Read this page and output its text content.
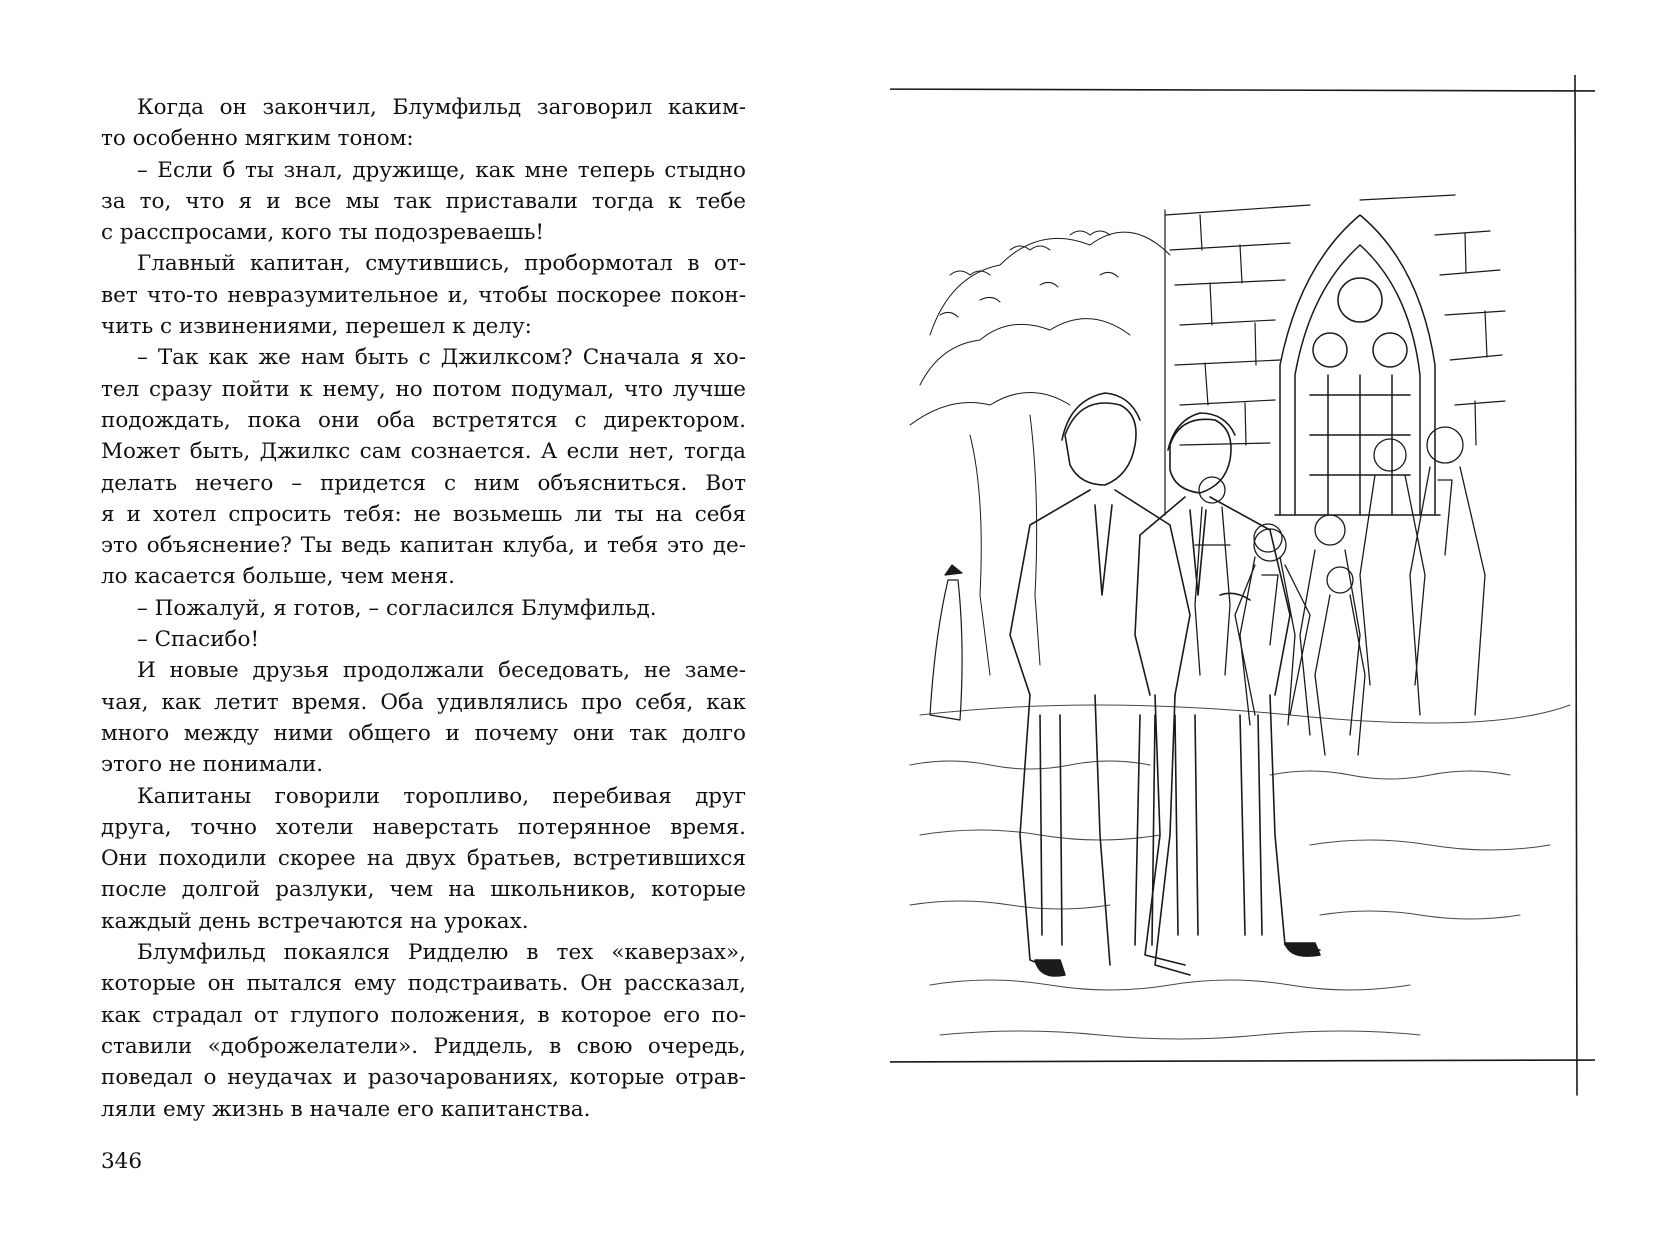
Когда он закончил, Блумфильд заговорил каким-
то особенно мягким тоном:
– Если б ты знал, дружище, как мне теперь стыдно
за то, что я и все мы так приставали тогда к тебе
с расспросами, кого ты подозреваешь!
Главный капитан, смутившись, пробормотал в от-
вет что-то невразумительное и, чтобы поскорее покон-
чить с извинениями, перешел к делу:
– Так как же нам быть с Джилксом? Сначала я хо-
тел сразу пойти к нему, но потом подумал, что лучше
подождать, пока они оба встретятся с директором.
Может быть, Джилкс сам сознается. А если нет, тогда
делать нечего – придется с ним объясниться. Вот
я и хотел спросить тебя: не возьмешь ли ты на себя
это объяснение? Ты ведь капитан клуба, и тебя это де-
ло касается больше, чем меня.
– Пожалуй, я готов, – согласился Блумфильд.
– Спасибо!
И новые друзья продолжали беседовать, не заме-
чая, как летит время. Оба удивлялись про себя, как
много между ними общего и почему они так долго
этого не понимали.
Капитаны говорили торопливо, перебивая друг
друга, точно хотели наверстать потерянное время.
Они походили скорее на двух братьев, встретившихся
после долгой разлуки, чем на школьников, которые
каждый день встречаются на уроках.
Блумфильд покаялся Ридделю в тех «каверзах»,
которые он пытался ему подстраивать. Он рассказал,
как страдал от глупого положения, в которое его по-
ставили «доброжелатели». Риддель, в свою очередь,
поведал о неудачах и разочарованиях, которые отрав-
ляли ему жизнь в начале его капитанства.
346
